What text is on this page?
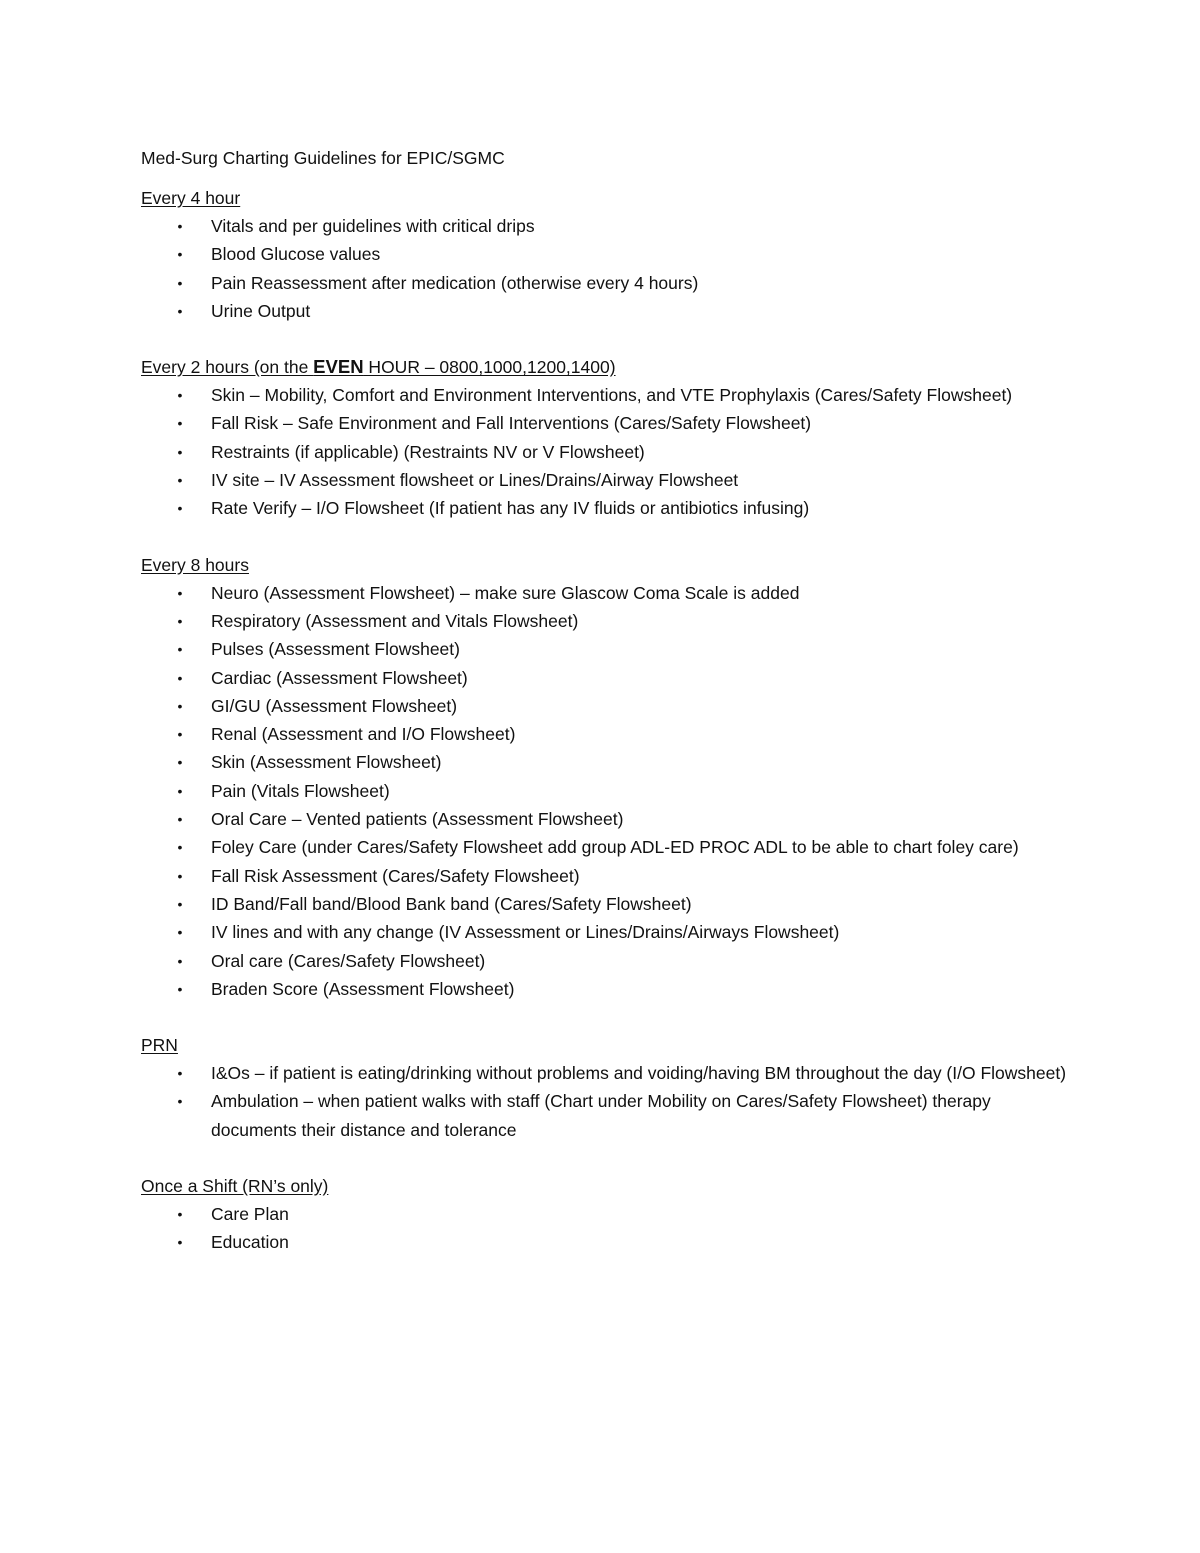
Med-Surg Charting Guidelines for EPIC/SGMC
Every 4 hour
• Vitals and per guidelines with critical drips
• Blood Glucose values
• Pain Reassessment after medication (otherwise every 4 hours)
• Urine Output
Every 2 hours (on the EVEN HOUR – 0800,1000,1200,1400)
• Skin – Mobility, Comfort and Environment Interventions, and VTE Prophylaxis (Cares/Safety Flowsheet)
• Fall Risk – Safe Environment and Fall Interventions (Cares/Safety Flowsheet)
• Restraints (if applicable) (Restraints NV or V Flowsheet)
• IV site – IV Assessment flowsheet or Lines/Drains/Airway Flowsheet
• Rate Verify – I/O Flowsheet (If patient has any IV fluids or antibiotics infusing)
Every 8 hours
• Neuro (Assessment Flowsheet) – make sure Glascow Coma Scale is added
• Respiratory (Assessment and Vitals Flowsheet)
• Pulses (Assessment Flowsheet)
• Cardiac (Assessment Flowsheet)
• GI/GU (Assessment Flowsheet)
• Renal (Assessment and I/O Flowsheet)
• Skin (Assessment Flowsheet)
• Pain (Vitals Flowsheet)
• Oral Care – Vented patients (Assessment Flowsheet)
• Foley Care (under Cares/Safety Flowsheet add group ADL-ED PROC ADL to be able to chart foley care)
• Fall Risk Assessment (Cares/Safety Flowsheet)
• ID Band/Fall band/Blood Bank band (Cares/Safety Flowsheet)
• IV lines and with any change (IV Assessment or Lines/Drains/Airways Flowsheet)
• Oral care (Cares/Safety Flowsheet)
• Braden Score (Assessment Flowsheet)
PRN
• I&Os – if patient is eating/drinking without problems and voiding/having BM throughout the day (I/O Flowsheet)
• Ambulation – when patient walks with staff (Chart under Mobility on Cares/Safety Flowsheet) therapy documents their distance and tolerance
Once a Shift (RN’s only)
• Care Plan
• Education
